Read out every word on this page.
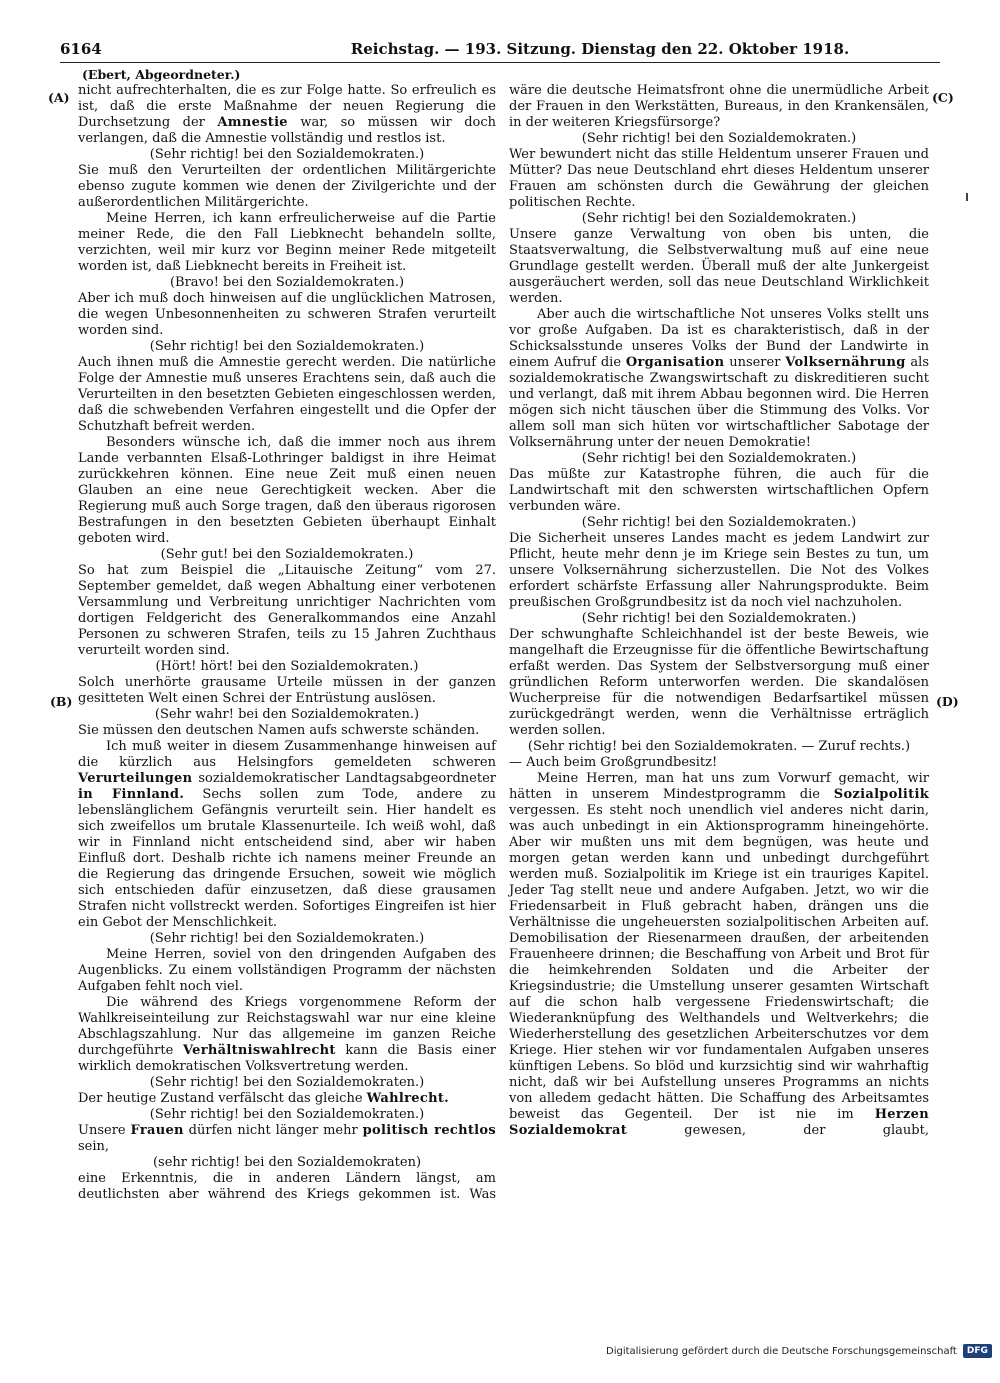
6164	Reichstag. — 193. Sitzung. Dienstag den 22. Oktober 1918.
(Ebert, Abgeordneter.)
(A)
(B)
(C)
(D)

nicht aufrechterhalten, die es zur Folge hatte. So erfreulich es ist, daß die erste Maßnahme der neuen Regierung die Durchsetzung der Amnestie war, so müssen wir doch verlangen, daß die Amnestie vollständig und restlos ist.

(Sehr richtig! bei den Sozialdemokraten.)

Sie muß den Verurteilten der ordentlichen Militärgerichte ebenso zugute kommen wie denen der Zivilgerichte und der außerordentlichen Militärgerichte.

Meine Herren, ich kann erfreulicherweise auf die Partie meiner Rede, die den Fall Liebknecht behandeln sollte, verzichten, weil mir kurz vor Beginn meiner Rede mitgeteilt worden ist, daß Liebknecht bereits in Freiheit ist.

(Bravo! bei den Sozialdemokraten.)

Aber ich muß doch hinweisen auf die unglücklichen Matrosen, die wegen Unbesonnenheiten zu schweren Strafen verurteilt worden sind.

(Sehr richtig! bei den Sozialdemokraten.)

Auch ihnen muß die Amnestie gerecht werden. Die natürliche Folge der Amnestie muß unseres Erachtens sein, daß auch die Verurteilten in den besetzten Gebieten eingeschlossen werden, daß die schwebenden Verfahren eingestellt und die Opfer der Schutzhaft befreit werden.

Besonders wünsche ich, daß die immer noch aus ihrem Lande verbannten Elsaß-Lothringer baldigst in ihre Heimat zurückkehren können. Eine neue Zeit muß einen neuen Glauben an eine neue Gerechtigkeit wecken. Aber die Regierung muß auch Sorge tragen, daß den überaus rigorosen Bestrafungen in den besetzten Gebieten überhaupt Einhalt geboten wird.

(Sehr gut! bei den Sozialdemokraten.)

So hat zum Beispiel die „Litauische Zeitung“ vom 27. September gemeldet, daß wegen Abhaltung einer verbotenen Versammlung und Verbreitung unrichtiger Nachrichten vom dortigen Feldgericht des Generalkommandos eine Anzahl Personen zu schweren Strafen, teils zu 15 Jahren Zuchthaus verurteilt worden sind.

(Hört! hört! bei den Sozialdemokraten.)

Solch unerhörte grausame Urteile müssen in der ganzen gesitteten Welt einen Schrei der Entrüstung auslösen.

(Sehr wahr! bei den Sozialdemokraten.)

Sie müssen den deutschen Namen aufs schwerste schänden.

Ich muß weiter in diesem Zusammenhange hinweisen auf die kürzlich aus Helsingfors gemeldeten schweren Verurteilungen sozialdemokratischer Landtagsabgeordneter in Finnland. Sechs sollen zum Tode, andere zu lebenslänglichem Gefängnis verurteilt sein. Hier handelt es sich zweifellos um brutale Klassenurteile. Ich weiß wohl, daß wir in Finnland nicht entscheidend sind, aber wir haben Einfluß dort. Deshalb richte ich namens meiner Freunde an die Regierung das dringende Ersuchen, soweit wie möglich sich entschieden dafür einzusetzen, daß diese grausamen Strafen nicht vollstreckt werden. Sofortiges Eingreifen ist hier ein Gebot der Menschlichkeit.

(Sehr richtig! bei den Sozialdemokraten.)

Meine Herren, soviel von den dringenden Aufgaben des Augenblicks. Zu einem vollständigen Programm der nächsten Aufgaben fehlt noch viel.

Die während des Kriegs vorgenommene Reform der Wahlkreiseinteilung zur Reichstagswahl war nur eine kleine Abschlagszahlung. Nur das allgemeine im ganzen Reiche durchgeführte Verhältniswahlrecht kann die Basis einer wirklich demokratischen Volksvertretung werden.

(Sehr richtig! bei den Sozialdemokraten.)

Der heutige Zustand verfälscht das gleiche Wahlrecht.

(Sehr richtig! bei den Sozialdemokraten.)

Unsere Frauen dürfen nicht länger mehr politisch rechtlos sein,

(sehr richtig! bei den Sozialdemokraten)

eine Erkenntnis, die in anderen Ländern längst, am deutlichsten aber während des Kriegs gekommen ist. Was

wäre die deutsche Heimatsfront ohne die unermüdliche Arbeit der Frauen in den Werkstätten, Bureaus, in den Krankensälen, in der weiteren Kriegsfürsorge?

(Sehr richtig! bei den Sozialdemokraten.)

Wer bewundert nicht das stille Heldentum unserer Frauen und Mütter? Das neue Deutschland ehrt dieses Heldentum unserer Frauen am schönsten durch die Gewährung der gleichen politischen Rechte.

(Sehr richtig! bei den Sozialdemokraten.)

Unsere ganze Verwaltung von oben bis unten, die Staatsverwaltung, die Selbstverwaltung muß auf eine neue Grundlage gestellt werden. Überall muß der alte Junkergeist ausgeräuchert werden, soll das neue Deutschland Wirklichkeit werden.

Aber auch die wirtschaftliche Not unseres Volks stellt uns vor große Aufgaben. Da ist es charakteristisch, daß in der Schicksalsstunde unseres Volks der Bund der Landwirte in einem Aufruf die Organisation unserer Volksernährung als sozialdemokratische Zwangswirtschaft zu diskreditieren sucht und verlangt, daß mit ihrem Abbau begonnen wird. Die Herren mögen sich nicht täuschen über die Stimmung des Volks. Vor allem soll man sich hüten vor wirtschaftlicher Sabotage der Volksernährung unter der neuen Demokratie!

(Sehr richtig! bei den Sozialdemokraten.)

Das müßte zur Katastrophe führen, die auch für die Landwirtschaft mit den schwersten wirtschaftlichen Opfern verbunden wäre.

(Sehr richtig! bei den Sozialdemokraten.)

Die Sicherheit unseres Landes macht es jedem Landwirt zur Pflicht, heute mehr denn je im Kriege sein Bestes zu tun, um unsere Volksernährung sicherzustellen. Die Not des Volkes erfordert schärfste Erfassung aller Nahrungsprodukte. Beim preußischen Großgrundbesitz ist da noch viel nachzuholen.

(Sehr richtig! bei den Sozialdemokraten.)

Der schwunghafte Schleichhandel ist der beste Beweis, wie mangelhaft die Erzeugnisse für die öffentliche Bewirtschaftung erfaßt werden. Das System der Selbstversorgung muß einer gründlichen Reform unterworfen werden. Die skandalösen Wucherpreise für die notwendigen Bedarfsartikel müssen zurückgedrängt werden, wenn die Verhältnisse erträglich werden sollen.

(Sehr richtig! bei den Sozialdemokraten. — Zuruf rechts.)

— Auch beim Großgrundbesitz!

Meine Herren, man hat uns zum Vorwurf gemacht, wir hätten in unserem Mindestprogramm die Sozialpolitik vergessen. Es steht noch unendlich viel anderes nicht darin, was auch unbedingt in ein Aktionsprogramm hineingehörte. Aber wir mußten uns mit dem begnügen, was heute und morgen getan werden kann und unbedingt durchgeführt werden muß. Sozialpolitik im Kriege ist ein trauriges Kapitel. Jeder Tag stellt neue und andere Aufgaben. Jetzt, wo wir die Friedensarbeit in Fluß gebracht haben, drängen uns die Verhältnisse die ungeheuersten sozialpolitischen Arbeiten auf. Demobilisation der Riesenarmeen draußen, der arbeitenden Frauenheere drinnen; die Beschaffung von Arbeit und Brot für die heimkehrenden Soldaten und die Arbeiter der Kriegsindustrie; die Umstellung unserer gesamten Wirtschaft auf die schon halb vergessene Friedenswirtschaft; die Wiederanknüpfung des Welthandels und Weltverkehrs; die Wiederherstellung des gesetzlichen Arbeiterschutzes vor dem Kriege. Hier stehen wir vor fundamentalen Aufgaben unseres künftigen Lebens. So blöd und kurzsichtig sind wir wahrhaftig nicht, daß wir bei Aufstellung unseres Programms an nichts von alledem gedacht hätten. Die Schaffung des Arbeitsamtes beweist das Gegenteil. Der ist nie im Herzen Sozialdemokrat gewesen, der glaubt,

Digitalisierung gefördert durch die Deutsche Forschungsgemeinschaft	DFG
